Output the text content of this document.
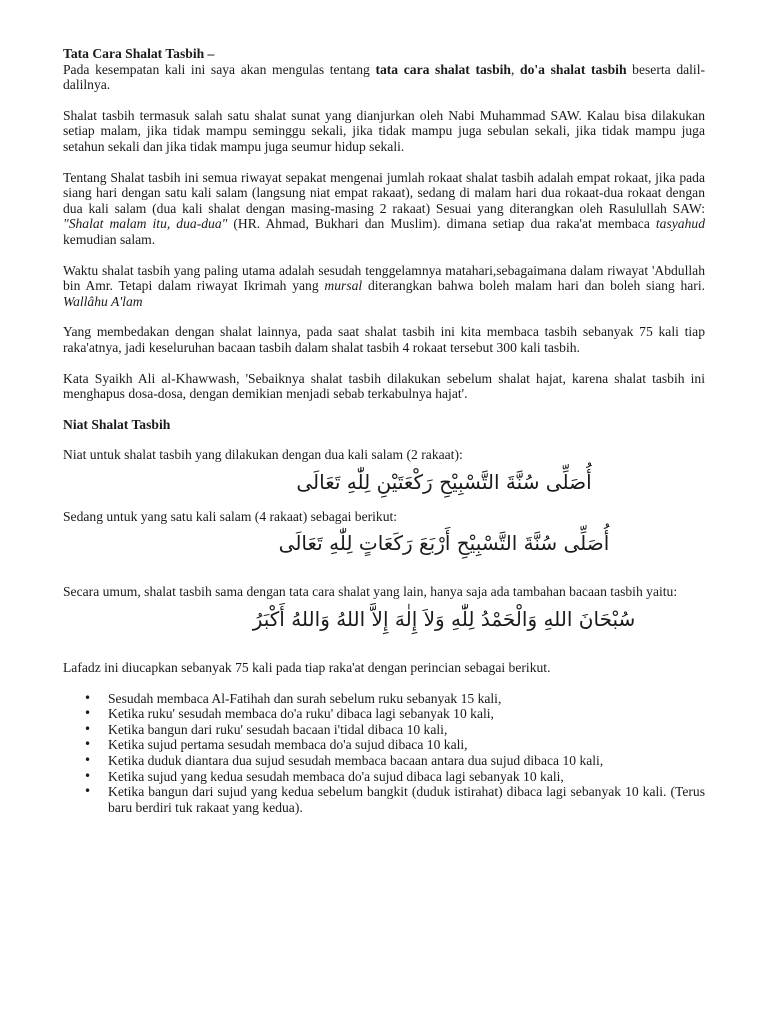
Tata Cara Shalat Tasbih –

Pada kesempatan kali ini saya akan mengulas tentang tata cara shalat tasbih, do'a shalat tasbih beserta dalil-dalilnya.

Shalat tasbih termasuk salah satu shalat sunat yang dianjurkan oleh Nabi Muhammad SAW. Kalau bisa dilakukan setiap malam, jika tidak mampu seminggu sekali, jika tidak mampu juga sebulan sekali, jika tidak mampu juga setahun sekali dan jika tidak mampu juga seumur hidup sekali.

Tentang Shalat tasbih ini semua riwayat sepakat mengenai jumlah rokaat shalat tasbih adalah empat rokaat, jika pada siang hari dengan satu kali salam (langsung niat empat rakaat), sedang di malam hari dua rokaat-dua rokaat dengan dua kali salam (dua kali shalat dengan masing-masing 2 rakaat) Sesuai yang diterangkan oleh Rasulullah SAW: "Shalat malam itu, dua-dua" (HR. Ahmad, Bukhari dan Muslim). dimana setiap dua raka'at membaca tasyahud kemudian salam.

Waktu shalat tasbih yang paling utama adalah sesudah tenggelamnya matahari,sebagaimana dalam riwayat 'Abdullah bin Amr. Tetapi dalam riwayat Ikrimah yang mursal diterangkan bahwa boleh malam hari dan boleh siang hari. Wallâhu A'lam

Yang membedakan dengan shalat lainnya, pada saat shalat tasbih ini kita membaca tasbih sebanyak 75 kali tiap raka'atnya, jadi keseluruhan bacaan tasbih dalam shalat tasbih 4 rokaat tersebut 300 kali tasbih.

Kata Syaikh Ali al-Khawwash, 'Sebaiknya shalat tasbih dilakukan sebelum shalat hajat, karena shalat tasbih ini menghapus dosa-dosa, dengan demikian menjadi sebab terkabulnya hajat'.

Niat Shalat Tasbih

Niat untuk shalat tasbih yang dilakukan dengan dua kali salam (2 rakaat):

أُصَلِّى سُنَّةَ التَّسْبِيْحِ رَكْعَتَيْنِ لِلّٰهِ تَعَالَى

Sedang untuk yang satu kali salam (4 rakaat) sebagai berikut:

أُصَلِّى سُنَّةَ التَّسْبِيْحِ أَرْبَعَ رَكَعَاتٍ لِلّٰهِ تَعَالَى

Secara umum, shalat tasbih sama dengan tata cara shalat yang lain, hanya saja ada tambahan bacaan tasbih yaitu:

سُبْحَانَ اللهِ وَالْحَمْدُ لِلّٰهِ وَلاَ إِلٰهَ إِلاَّ اللهُ وَاللهُ أَكْبَرُ

Lafadz ini diucapkan sebanyak 75 kali pada tiap raka'at dengan perincian sebagai berikut.

• Sesudah membaca Al-Fatihah dan surah sebelum ruku sebanyak 15 kali,
• Ketika ruku' sesudah membaca do'a ruku' dibaca lagi sebanyak 10 kali,
• Ketika bangun dari ruku' sesudah bacaan i'tidal dibaca 10 kali,
• Ketika sujud pertama sesudah membaca do'a sujud dibaca 10 kali,
• Ketika duduk diantara dua sujud sesudah membaca bacaan antara dua sujud dibaca 10 kali,
• Ketika sujud yang kedua sesudah membaca do'a sujud dibaca lagi sebanyak 10 kali,
• Ketika bangun dari sujud yang kedua sebelum bangkit (duduk istirahat) dibaca lagi sebanyak 10 kali. (Terus baru berdiri tuk rakaat yang kedua).
